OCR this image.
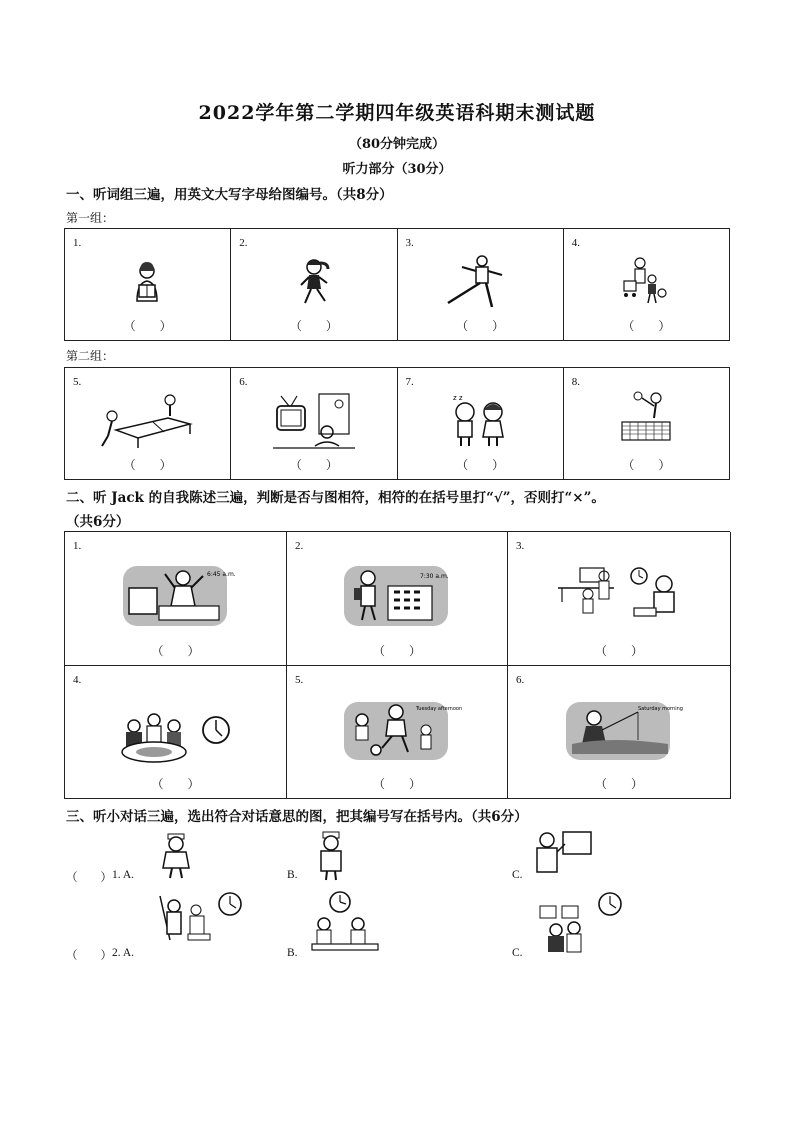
2022学年第二学期四年级英语科期末测试题
（80分钟完成）
听力部分（30分）
一、听词组三遍，用英文大写字母给图编号。（共8分）
第一组：
1.
（　　）
2.
（　　）
3.
（　　）
4.
（　　）
第二组：
5.
（　　）
6.
（　　）
7.
z z
（　　）
8.
（　　）
二、听 Jack 的自我陈述三遍，判断是否与图相符，相符的在括号里打“√”，否则打“×”。
（共6分）
1.
6:45 a.m.
（　　）
2.
7:30 a.m.
（　　）
3.
（　　）
4.
（　　）
5.
Tuesday afternoon
（　　）
6.
Saturday morning
（　　）
三、听小对话三遍，选出符合对话意思的图，把其编号写在括号内。（共6分）
（　　） 1. A.	B.	C.
（　　） 2. A.	B.	C.
